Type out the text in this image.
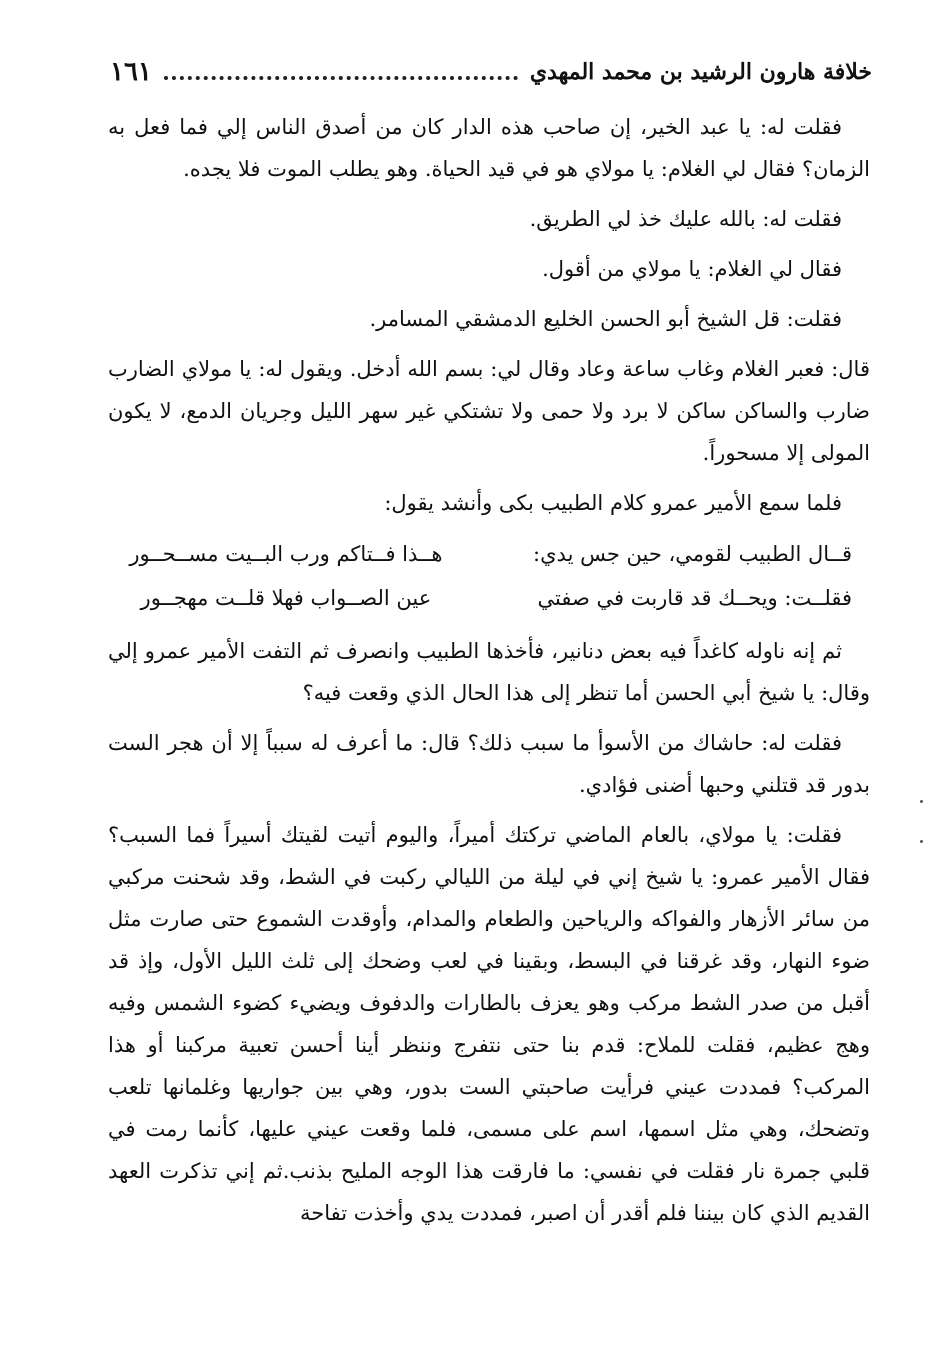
خلافة هارون الرشيد بن محمد المهدي
١٦١

فقلت له: يا عبد الخير، إن صاحب هذه الدار كان من أصدق الناس إلي فما فعل به الزمان؟ فقال لي الغلام: يا مولاي هو في قيد الحياة. وهو يطلب الموت فلا يجده.

فقلت له: بالله عليك خذ لي الطريق.

فقال لي الغلام: يا مولاي من أقول.

فقلت: قل الشيخ أبو الحسن الخليع الدمشقي المسامر.

قال: فعبر الغلام وغاب ساعة وعاد وقال لي: بسم الله أدخل. ويقول له: يا مولاي الضارب ضارب والساكن ساكن لا برد ولا حمى ولا تشتكي غير سهر الليل وجريان الدمع، لا يكون المولى إلا مسحوراً.

فلما سمع الأمير عمرو كلام الطبيب بكى وأنشد يقول:

قــال الطبيب لقومي، حين جس يدي:
هــذا فــتاكم ورب البــيت مســحــور
فقلــت: ويحــك قد قاربت في صفتي
عين الصــواب فهلا قلــت مهجــور

ثم إنه ناوله كاغداً فيه بعض دنانير، فأخذها الطبيب وانصرف ثم التفت الأمير عمرو إلي وقال: يا شيخ أبي الحسن أما تنظر إلى هذا الحال الذي وقعت فيه؟

فقلت له: حاشاك من الأسوأ ما سبب ذلك؟ قال: ما أعرف له سبباً إلا أن هجر الست بدور قد قتلني وحبها أضنى فؤادي.

فقلت: يا مولاي، بالعام الماضي تركتك أميراً، واليوم أتيت لقيتك أسيراً فما السبب؟ فقال الأمير عمرو: يا شيخ إني في ليلة من الليالي ركبت في الشط، وقد شحنت مركبي من سائر الأزهار والفواكه والرياحين والطعام والمدام، وأوقدت الشموع حتى صارت مثل ضوء النهار، وقد غرقنا في البسط، وبقينا في لعب وضحك إلى ثلث الليل الأول، وإذ قد أقبل من صدر الشط مركب وهو يعزف بالطارات والدفوف ويضيء كضوء الشمس وفيه وهج عظيم، فقلت للملاح: قدم بنا حتى نتفرج وننظر أينا أحسن تعبية مركبنا أو هذا المركب؟ فمددت عيني فرأيت صاحبتي الست بدور، وهي بين جواريها وغلمانها تلعب وتضحك، وهي مثل اسمها، اسم على مسمى، فلما وقعت عيني عليها، كأنما رمت في قلبي جمرة نار فقلت في نفسي: ما فارقت هذا الوجه المليح بذنب.ثم إني تذكرت العهد القديم الذي كان بيننا فلم أقدر أن اصبر، فمددت يدي وأخذت تفاحة
